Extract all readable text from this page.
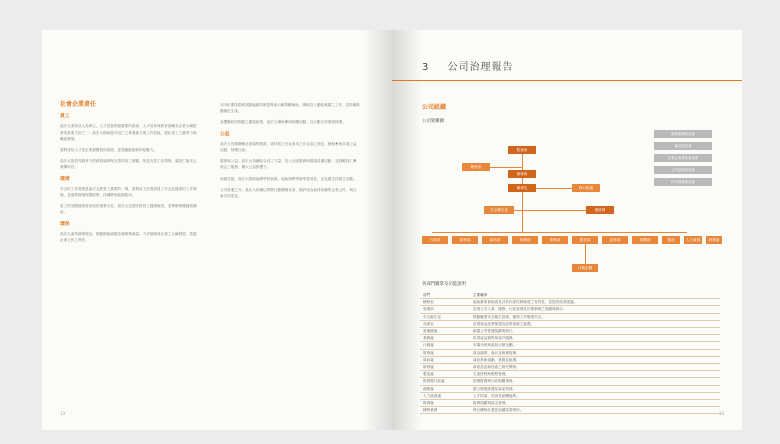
社會企業責任
員工

晶宏大秉持以人為核心，人才是我們最重要的資產，人才培育與教育訓練為企業永續經營的重要方針之一，晶宏大積極提升同仁之專業能力與工作技能，強化員工之競爭力與職涯發展。

我們深信人才是企業最寶貴的資源，更是驅動創新的原動力。

晶宏大提供具競爭力的薪資福利與完善的員工照顧，營造友善工作環境，讓同仁能安心發揮所長。

環境

安全的工作環境是晶宏大經營上重要的一環，我們致力於提供員工安全及健康的工作環境，並落實環境保護政策，持續降低能源耗用。

員工的身體健康是家庭的重要支柱，晶宏大定期安排員工健康檢查，並舉辦相關健康講座。

環保

晶宏大秉持環保理念，推動節能減碳及廢棄物減量，力求環境與企業之永續發展，善盡企業公民之責任。

103年獲得經濟部節能績效保證專案示範獎勵補助，積極投入節能減碳之工作，並持續推動綠色生產。

為響應政府推動之節能政策，晶宏大積極參與相關活動，以行動支持環境保護。

公益

晶宏大長期關懷社會弱勢族群，秉持取之於社會用之於社會之理念，積極參與各項公益活動，回饋社會。

環保與公益，晶宏大持續結合員工力量，投入社區服務與環境清潔活動，並鼓勵同仁參與志工服務，擴大公益影響力。

深耕在地，晶宏大捐助偏鄉學校資源，協助弱勢學童學習成長，並長期支持藝文活動。

公司營運之外，晶宏大持續以實際行動關懷社會，期許成為值得信賴的企業公民，與社會共同成長。

13
3 公司治理報告
公司組織
公司架構圖
股東會
董事會
稽核室
董事長	執行秘書
安全衛生室	總經理
行政部	財務部	資訊部	研發部	業務部	製造部	品管部	採購部
行銷企劃
製造	人力資源	研發處
薪資報酬委員會
審計委員會
企業社會責任委員會
公司治理委員會
ESG管理委員會
各部門職掌及功能說明
部門	主要職掌
稽核室	協助董事會檢查及評估內部控制制度之有效性，並提供改善建議。
管理部	負責公司人事、總務、行政管理及法務事務之規劃與執行。
安全衛生室	推動職業安全衛生管理，確保工作環境安全。
品保室	負責產品品質保證及品質系統之維護。
營運總處	統籌公司營運規劃與執行。
業務處	負責產品銷售與客戶服務。
行銷處	市場分析與產品行銷企劃。
財務處	資金調度、會計及稅務管理。
資訊處	資訊系統規劃、建置及維護。
研發處	新產品及新技術之研究開發。
製造處	生產排程與製程管理。
財務暨行政處	綜理財務與行政相關事務。
總務處	辦公環境維護及資產管理。
人力資源處	人才招募、培訓及薪酬福利。
財務處	財務規劃與資金管理。
稽核業務	執行稽核計畫並追蹤改善情形。
14
